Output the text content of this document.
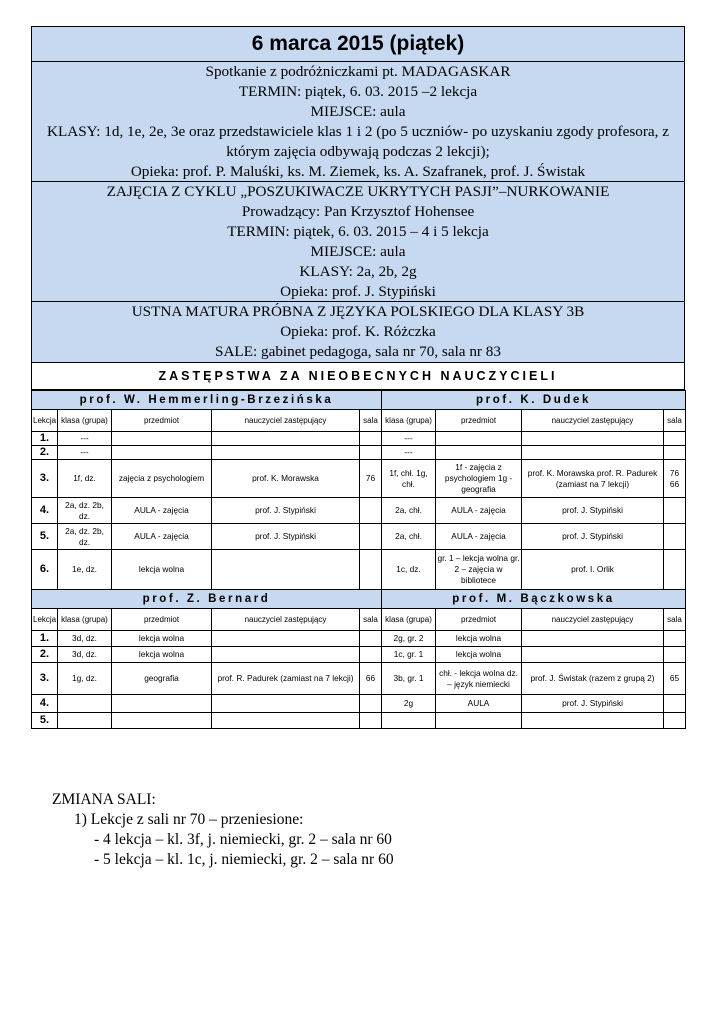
6 marca 2015 (piątek)
Spotkanie z podróżniczkami pt. MADAGASKAR
TERMIN: piątek, 6. 03. 2015 –2 lekcja
MIEJSCE: aula
KLASY: 1d, 1e, 2e, 3e oraz przedstawiciele klas 1 i 2 (po 5 uczniów- po uzyskaniu zgody profesora, z którym zajęcia odbywają podczas 2 lekcji);
Opieka: prof. P. Maluśki, ks. M. Ziemek, ks. A. Szafranek, prof. J. Świstak
ZAJĘCIA Z CYKLU „POSZUKIWACZE UKRYTYCH PASJI”–NURKOWANIE
Prowadzący: Pan Krzysztof Hohensee
TERMIN: piątek, 6. 03. 2015 – 4 i 5 lekcja
MIEJSCE: aula
KLASY: 2a, 2b, 2g
Opieka: prof. J. Stypiński
USTNA MATURA PRÓBNA Z JĘZYKA POLSKIEGO DLA KLASY 3B
Opieka: prof. K. Różczka
SALE: gabinet pedagoga, sala nr 70, sala nr 83
ZASTĘPSTWA ZA NIEOBECNYCH NAUCZYCIELI
prof. W. Hemmerling-Brzezińska					prof. K. Dudek			
Lekcja	klasa (grupa)	przedmiot	nauczyciel zastępujący	sala	klasa (grupa)	przedmiot	nauczyciel zastępujący	sala
1.	---				---			
2.	---				---			
3.	1f, dz.	zajęcia z psychologiem	prof. K. Morawska	76	1f, chł. 1g, chł.	1f - zajęcia z psychologiem 1g - geografia	prof. K. Morawska prof. R. Padurek (zamiast na 7 lekcji)	76 66
4.	2a, dz. 2b, dz.	AULA - zajęcia	prof. J. Stypiński		2a, chł.	AULA - zajęcia	prof. J. Stypiński	
5.	2a, dz. 2b, dz.	AULA - zajęcia	prof. J. Stypiński		2a, chł.	AULA - zajęcia	prof. J. Stypiński	
6.	1e, dz.	lekcja wolna			1c, dz.	gr. 1 – lekcja wolna gr. 2 – zajęcia w bibliotece	prof. I. Orlik	
prof. Z. Bernard					prof. M. Bączkowska			
Lekcja	klasa (grupa)	przedmiot	nauczyciel zastępujący	sala	klasa (grupa)	przedmiot	nauczyciel zastępujący	sala
1.	3d, dz.	lekcja wolna			2g, gr. 2	lekcja wolna		
2.	3d, dz.	lekcja wolna			1c, gr. 1	lekcja wolna		
3.	1g, dz.	geografia	prof. R. Padurek (zamiast na 7 lekcji)	66	3b, gr. 1	chł. - lekcja wolna dz. – język niemiecki	prof. J. Świstak (razem z grupą 2)	65
4.					2g	AULA	prof. J. Stypiński	
5.								
ZMIANA SALI:
1) Lekcje z sali nr 70 – przeniesione:
- 4 lekcja – kl. 3f, j. niemiecki, gr. 2 – sala nr 60
- 5 lekcja – kl. 1c, j. niemiecki, gr. 2 – sala nr 60
